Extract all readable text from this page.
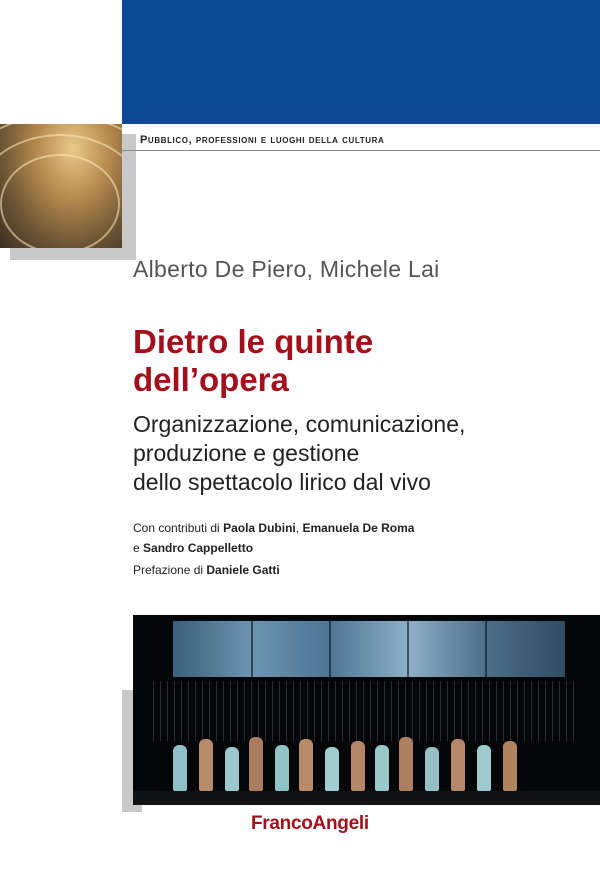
Pubblico, professioni e luoghi della cultura
Alberto De Piero, Michele Lai
Dietro le quinte
dell’opera
Organizzazione, comunicazione,
produzione e gestione
dello spettacolo lirico dal vivo
Con contributi di Paola Dubini, Emanuela De Roma
e Sandro Cappelletto
Prefazione di Daniele Gatti
FrancoAngeli
